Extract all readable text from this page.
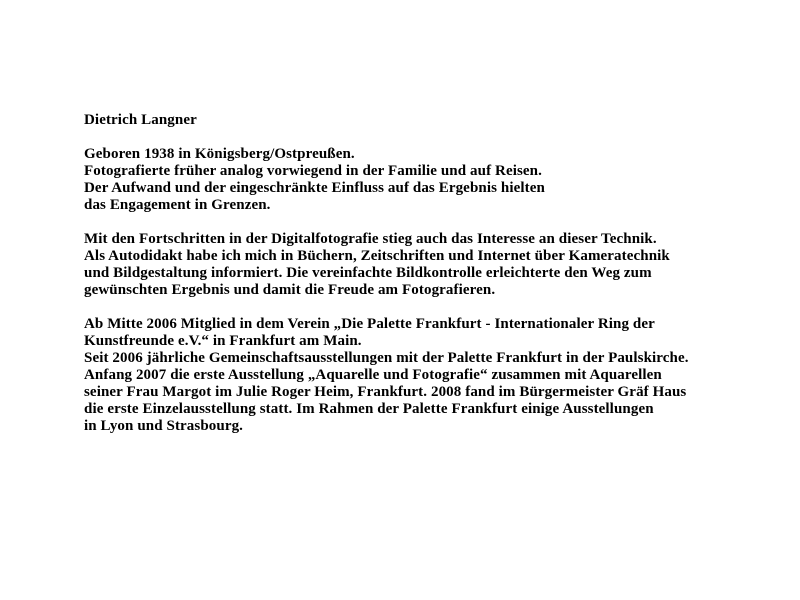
Dietrich Langner
Geboren 1938 in Königsberg/Ostpreußen.
Fotografierte früher analog vorwiegend in der Familie und auf Reisen.
Der Aufwand und der eingeschränkte Einfluss auf das Ergebnis hielten
das Engagement in Grenzen.
Mit den Fortschritten in der Digitalfotografie stieg auch das Interesse an dieser Technik.
Als Autodidakt habe ich mich in Büchern, Zeitschriften und Internet über Kameratechnik
und Bildgestaltung informiert. Die vereinfachte Bildkontrolle erleichterte den Weg zum
gewünschten Ergebnis und damit die Freude am Fotografieren.
Ab Mitte 2006 Mitglied in dem Verein „Die Palette Frankfurt - Internationaler Ring der
Kunstfreunde e.V.“ in Frankfurt am Main.
Seit 2006 jährliche Gemeinschaftsausstellungen mit der Palette Frankfurt in der Paulskirche.
Anfang 2007 die erste Ausstellung „Aquarelle und Fotografie“ zusammen mit Aquarellen
seiner Frau Margot im Julie Roger Heim, Frankfurt. 2008 fand im Bürgermeister Gräf Haus
die erste Einzelausstellung statt. Im Rahmen der Palette Frankfurt einige Ausstellungen
in Lyon und Strasbourg.
